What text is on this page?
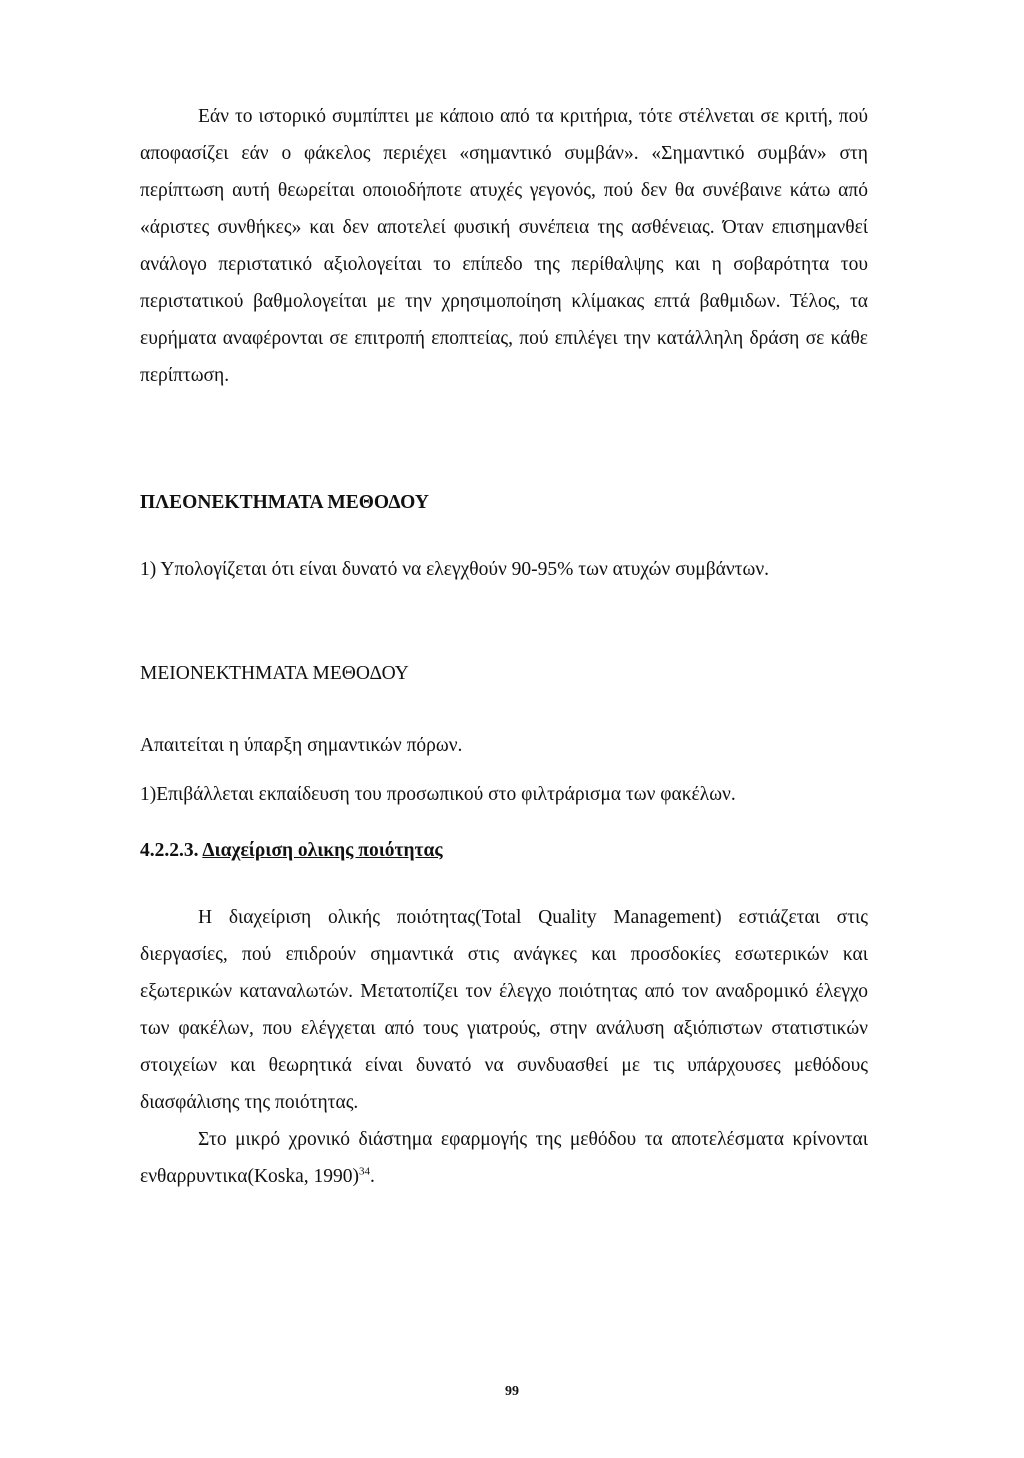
Εάν το ιστορικό συμπίπτει με κάποιο από τα κριτήρια, τότε στέλνεται σε κριτή, πού αποφασίζει εάν ο φάκελος περιέχει «σημαντικό συμβάν». «Σημαντικό συμβάν» στη περίπτωση αυτή θεωρείται οποιοδήποτε ατυχές γεγονός, πού δεν θα συνέβαινε κάτω από «άριστες συνθήκες» και δεν αποτελεί φυσική συνέπεια της ασθένειας. Όταν επισημανθεί ανάλογο περιστατικό αξιολογείται το επίπεδο της περίθαλψης και η σοβαρότητα του περιστατικού βαθμολογείται με την χρησιμοποίηση κλίμακας επτά βαθμιδων. Τέλος, τα ευρήματα αναφέρονται σε επιτροπή εποπτείας, πού επιλέγει την κατάλληλη δράση σε κάθε περίπτωση.

ΠΛΕΟΝΕΚΤΗΜΑΤΑ ΜΕΘΟΔΟΥ

1) Υπολογίζεται ότι είναι δυνατό να ελεγχθούν 90-95% των ατυχών συμβάντων.

ΜΕΙΟΝΕΚΤΗΜΑΤΑ ΜΕΘΟΔΟΥ

Απαιτείται η ύπαρξη σημαντικών πόρων.

1)Επιβάλλεται εκπαίδευση του προσωπικού στο φιλτράρισμα των φακέλων.

4.2.2.3. Διαχείριση ολικης ποιότητας

Η διαχείριση ολικής ποιότητας(Total Quality Management) εστιάζεται στις διεργασίες, πού επιδρούν σημαντικά στις ανάγκες και προσδοκίες εσωτερικών και εξωτερικών καταναλωτών. Μετατοπίζει τον έλεγχο ποιότητας από τον αναδρομικό έλεγχο των φακέλων, που ελέγχεται από τους γιατρούς, στην ανάλυση αξιόπιστων στατιστικών στοιχείων και θεωρητικά είναι δυνατό να συνδυασθεί με τις υπάρχουσες μεθόδους διασφάλισης της ποιότητας.

Στο μικρό χρονικό διάστημα εφαρμογής της μεθόδου τα αποτελέσματα κρίνονται ενθαρρυντικα(Koska, 1990)$^{34}$.

99
